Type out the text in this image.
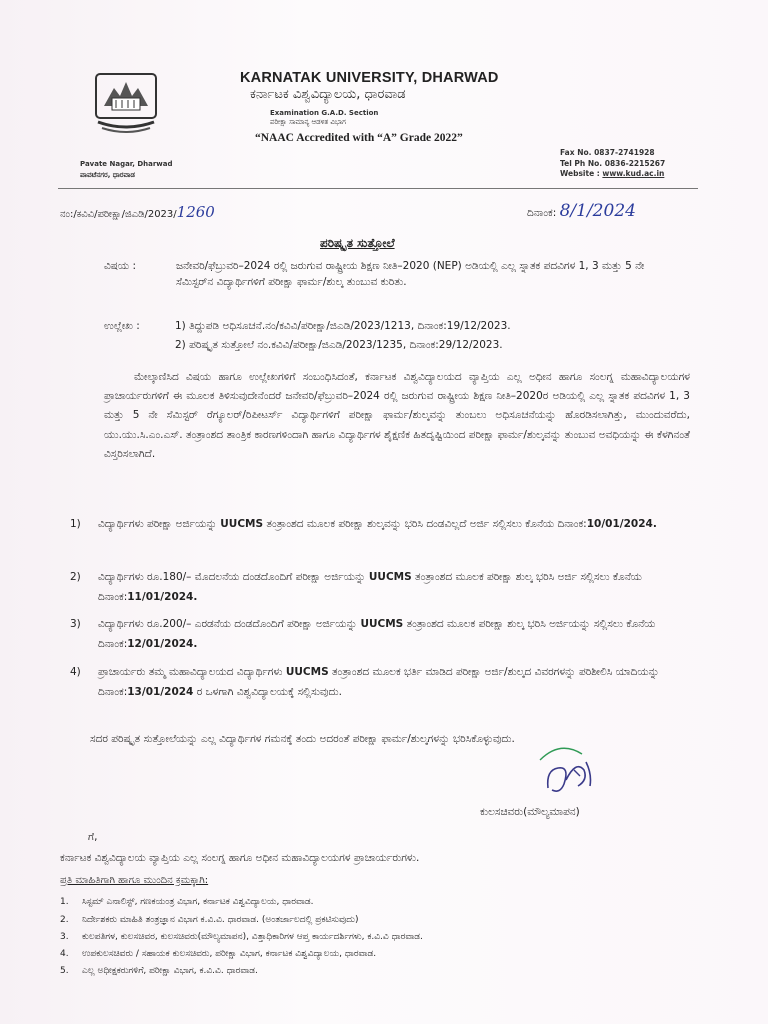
KARNATAK UNIVERSITY, DHARWAD
ಕರ್ನಾಟಕ ವಿಶ್ವವಿದ್ಯಾಲಯ, ಧಾರವಾಡ
Examination G.A.D. Section
ಪರೀಕ್ಷಾ ಸಾಮಾನ್ಯ ಆಡಳಿತ ವಿಭಾಗ
“NAAC Accredited with “A” Grade 2022”
Fax No. 0837-2741928
Tel Ph No. 0836-2215267
Website : www.kud.ac.in
Pavate Nagar, Dharwad
ಪಾವಟೆನಗರ, ಧಾರವಾಡ
ನಂ:/ಕವಿವಿ/ಪರೀಕ್ಷಾ/ಜಿಎಡಿ/2023/1260	ದಿನಾಂಕ: 8/1/2024
ಪರಿಷ್ಕೃತ ಸುತ್ತೋಲೆ
ವಿಷಯ :	ಜನೇವರಿ/ಫೆಬ್ರುವರಿ–2024 ರಲ್ಲಿ ಜರುಗುವ ರಾಷ್ಟ್ರೀಯ ಶಿಕ್ಷಣ ನೀತಿ–2020 (NEP) ಅಡಿಯಲ್ಲಿ ಎಲ್ಲ ಸ್ನಾತಕ ಪದವಿಗಳ 1, 3 ಮತ್ತು 5 ನೇ ಸೆಮಿಸ್ಟರ್‌ನ ವಿದ್ಯಾರ್ಥಿಗಳಿಗೆ ಪರೀಕ್ಷಾ ಫಾರ್ಮ/ಶುಲ್ಕ ತುಂಬುವ ಕುರಿತು.
ಉಲ್ಲೇಖ :	1) ತಿದ್ದುಪಡಿ ಅಧಿಸೂಚನೆ.ನಂ/ಕವಿವಿ/ಪರೀಕ್ಷಾ/ಜಿಎಡಿ/2023/1213, ದಿನಾಂಕ:19/12/2023.
2) ಪರಿಷ್ಕೃತ ಸುತ್ತೋಲೆ ನಂ.ಕವಿವಿ/ಪರೀಕ್ಷಾ/ಜಿಎಡಿ/2023/1235, ದಿನಾಂಕ:29/12/2023.
ಮೇಲ್ಕಾಣಿಸಿದ ವಿಷಯ ಹಾಗೂ ಉಲ್ಲೇಖಗಳಿಗೆ ಸಂಬಂಧಿಸಿದಂತೆ, ಕರ್ನಾಟಕ ವಿಶ್ವವಿದ್ಯಾಲಯದ ವ್ಯಾಪ್ತಿಯ ಎಲ್ಲ ಅಧೀನ ಹಾಗೂ ಸಂಲಗ್ನ ಮಹಾವಿದ್ಯಾಲಯಗಳ ಪ್ರಾಚಾರ್ಯರುಗಳಿಗೆ ಈ ಮೂಲಕ ತಿಳಿಸುವುದೇನೆಂದರೆ ಜನೇವರಿ/ಫೆಬ್ರುವರಿ–2024 ರಲ್ಲಿ ಜರುಗುವ ರಾಷ್ಟ್ರೀಯ ಶಿಕ್ಷಣ ನೀತಿ–2020ರ ಅಡಿಯಲ್ಲಿ ಎಲ್ಲ ಸ್ನಾತಕ ಪದವಿಗಳ 1, 3 ಮತ್ತು 5 ನೇ ಸೆಮಿಸ್ಟರ್ ರೆಗ್ಯೂಲರ್/ರಿಪೀಟರ್ಸ್ ವಿದ್ಯಾರ್ಥಿಗಳಿಗೆ ಪರೀಕ್ಷಾ ಫಾರ್ಮ/ಶುಲ್ಕವನ್ನು ತುಂಬಲು ಅಧಿಸೂಚನೆಯನ್ನು ಹೊರಡಿಸಲಾಗಿತ್ತು, ಮುಂದುವರೆದು, ಯು.ಯು.ಸಿ.ಎಂ.ಎಸ್. ತಂತ್ರಾಂಶದ ತಾಂತ್ರಿಕ ಕಾರಣಗಳಿಂದಾಗಿ ಹಾಗೂ ವಿದ್ಯಾರ್ಥಿಗಳ ಶೈಕ್ಷಣಿಕ ಹಿತದೃಷ್ಟಿಯಿಂದ ಪರೀಕ್ಷಾ ಫಾರ್ಮ/ಶುಲ್ಕವನ್ನು ತುಂಬುವ ಅವಧಿಯನ್ನು ಈ ಕೆಳಗಿನಂತೆ ವಿಸ್ತರಿಸಲಾಗಿದೆ.
1) ವಿದ್ಯಾರ್ಥಿಗಳು ಪರೀಕ್ಷಾ ಅರ್ಜಿಯನ್ನು UUCMS ತಂತ್ರಾಂಶದ ಮೂಲಕ ಪರೀಕ್ಷಾ ಶುಲ್ಕವನ್ನು ಭರಿಸಿ ದಂಡವಿಲ್ಲದೆ ಅರ್ಜಿ ಸಲ್ಲಿಸಲು ಕೊನೆಯ ದಿನಾಂಕ:10/01/2024.
2) ವಿದ್ಯಾರ್ಥಿಗಳು ರೂ.180/– ಮೊದಲನೆಯ ದಂಡದೊಂದಿಗೆ ಪರೀಕ್ಷಾ ಅರ್ಜಿಯನ್ನು UUCMS ತಂತ್ರಾಂಶದ ಮೂಲಕ ಪರೀಕ್ಷಾ ಶುಲ್ಕ ಭರಿಸಿ ಅರ್ಜಿ ಸಲ್ಲಿಸಲು ಕೊನೆಯ ದಿನಾಂಕ:11/01/2024.
3) ವಿದ್ಯಾರ್ಥಿಗಳು ರೂ.200/– ಎರಡನೆಯ ದಂಡದೊಂದಿಗೆ ಪರೀಕ್ಷಾ ಅರ್ಜಿಯನ್ನು UUCMS ತಂತ್ರಾಂಶದ ಮೂಲಕ ಪರೀಕ್ಷಾ ಶುಲ್ಕ ಭರಿಸಿ ಅರ್ಜಿಯನ್ನು ಸಲ್ಲಿಸಲು ಕೊನೆಯ ದಿನಾಂಕ:12/01/2024.
4) ಪ್ರಾಚಾರ್ಯರು ತಮ್ಮ ಮಹಾವಿದ್ಯಾಲಯದ ವಿದ್ಯಾರ್ಥಿಗಳು UUCMS ತಂತ್ರಾಂಶದ ಮೂಲಕ ಭರ್ತಿ ಮಾಡಿದ ಪರೀಕ್ಷಾ ಅರ್ಜಿ/ಶುಲ್ಕದ ವಿವರಗಳನ್ನು ಪರಿಶೀಲಿಸಿ ಯಾದಿಯನ್ನು ದಿನಾಂಕ:13/01/2024 ರ ಒಳಗಾಗಿ ವಿಶ್ವವಿದ್ಯಾಲಯಕ್ಕೆ ಸಲ್ಲಿಸುವುದು.
ಸದರ ಪರಿಷ್ಕೃತ ಸುತ್ತೋಲೆಯನ್ನು ಎಲ್ಲ ವಿದ್ಯಾರ್ಥಿಗಳ ಗಮನಕ್ಕೆ ತಂದು ಅದರಂತೆ ಪರೀಕ್ಷಾ ಫಾರ್ಮ/ಶುಲ್ಕಗಳನ್ನು ಭರಿಸಿಕೊಳ್ಳುವುದು.
ಕುಲಸಚಿವರು(ಮೌಲ್ಯಮಾಪನ)
ಗೆ,
ಕರ್ನಾಟಕ ವಿಶ್ವವಿದ್ಯಾಲಯ ವ್ಯಾಪ್ತಿಯ ಎಲ್ಲ ಸಂಲಗ್ನ ಹಾಗೂ ಅಧೀನ ಮಹಾವಿದ್ಯಾಲಯಗಳ ಪ್ರಾಚಾರ್ಯರುಗಳು.
ಪ್ರತಿ ಮಾಹಿತಿಗಾಗಿ ಹಾಗೂ ಮುಂದಿನ ಕ್ರಮಕ್ಕಾಗಿ:
1. ಸಿಸ್ಟಮ್ ಎನಾಲಿಸ್ಟ್, ಗಣಕಯಂತ್ರ ವಿಭಾಗ, ಕರ್ನಾಟಕ ವಿಶ್ವವಿದ್ಯಾಲಯ, ಧಾರವಾಡ.
2. ನಿರ್ದೇಶಕರು ಮಾಹಿತಿ ತಂತ್ರಜ್ಞಾನ ವಿಭಾಗ ಕ.ವಿ.ವಿ. ಧಾರವಾಡ. (ಅಂತರ್ಜಾಲದಲ್ಲಿ ಪ್ರಕಟಿಸುವುದು)
3. ಕುಲಪತಿಗಳ, ಕುಲಸಚಿವರ, ಕುಲಸಚಿವರು(ಮೌಲ್ಯಮಾಪನ), ವಿತ್ತಾಧಿಕಾರಿಗಳ ಆಪ್ತ ಕಾರ್ಯದರ್ಶಿಗಳು, ಕ.ವಿ.ವಿ ಧಾರವಾಡ.
4. ಉಪಕುಲಸಚಿವರು / ಸಹಾಯಕ ಕುಲಸಚಿವರು, ಪರೀಕ್ಷಾ ವಿಭಾಗ, ಕರ್ನಾಟಕ ವಿಶ್ವವಿದ್ಯಾಲಯ, ಧಾರವಾಡ.
5. ಎಲ್ಲ ಅಧೀಕ್ಷಕರುಗಳಿಗೆ, ಪರೀಕ್ಷಾ ವಿಭಾಗ, ಕ.ವಿ.ವಿ. ಧಾರವಾಡ.
